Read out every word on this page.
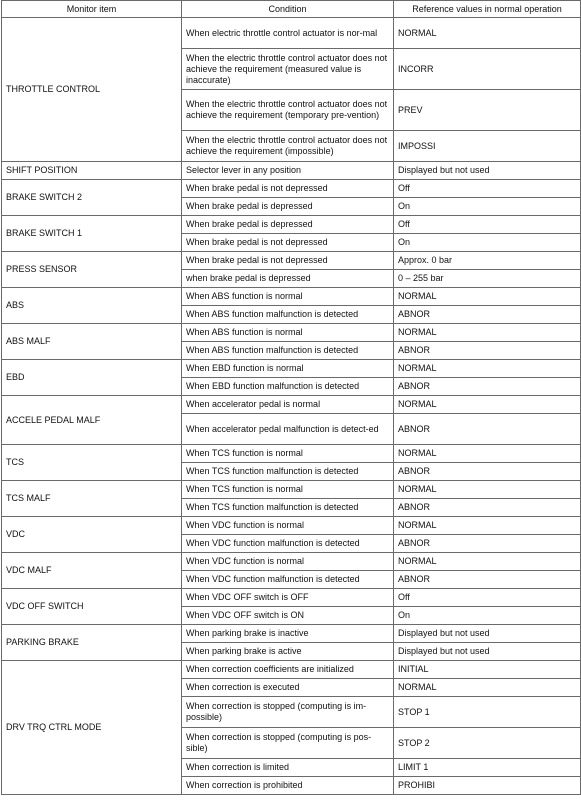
Monitor item	Condition	Reference values in normal operation
THROTTLE CONTROL	When electric throttle control actuator is nor-mal	NORMAL
	When the electric throttle control actuator does not achieve the requirement (measured value is inaccurate)	INCORR
	When the electric throttle control actuator does not achieve the requirement (temporary pre-vention)	PREV
	When the electric throttle control actuator does not achieve the requirement (impossible)	IMPOSSI
SHIFT POSITION	Selector lever in any position	Displayed but not used
BRAKE SWITCH 2	When brake pedal is not depressed	Off
	When brake pedal is depressed	On
BRAKE SWITCH 1	When brake pedal is depressed	Off
	When brake pedal is not depressed	On
PRESS SENSOR	When brake pedal is not depressed	Approx. 0 bar
	when brake pedal is depressed	0 – 255 bar
ABS	When ABS function is normal	NORMAL
	When ABS function malfunction is detected	ABNOR
ABS MALF	When ABS function is normal	NORMAL
	When ABS function malfunction is detected	ABNOR
EBD	When EBD function is normal	NORMAL
	When EBD function malfunction is detected	ABNOR
ACCELE PEDAL MALF	When accelerator pedal is normal	NORMAL
	When accelerator pedal malfunction is detect-ed	ABNOR
TCS	When TCS function is normal	NORMAL
	When TCS function malfunction is detected	ABNOR
TCS MALF	When TCS function is normal	NORMAL
	When TCS function malfunction is detected	ABNOR
VDC	When VDC function is normal	NORMAL
	When VDC function malfunction is detected	ABNOR
VDC MALF	When VDC function is normal	NORMAL
	When VDC function malfunction is detected	ABNOR
VDC OFF SWITCH	When VDC OFF switch is OFF	Off
	When VDC OFF switch is ON	On
PARKING BRAKE	When parking brake is inactive	Displayed but not used
	When parking brake is active	Displayed but not used
DRV TRQ CTRL MODE	When correction coefficients are initialized	INITIAL
	When correction is executed	NORMAL
	When correction is stopped (computing is im-possible)	STOP 1
	When correction is stopped (computing is pos-sible)	STOP 2
	When correction is limited	LIMIT 1
	When correction is prohibited	PROHIBI
